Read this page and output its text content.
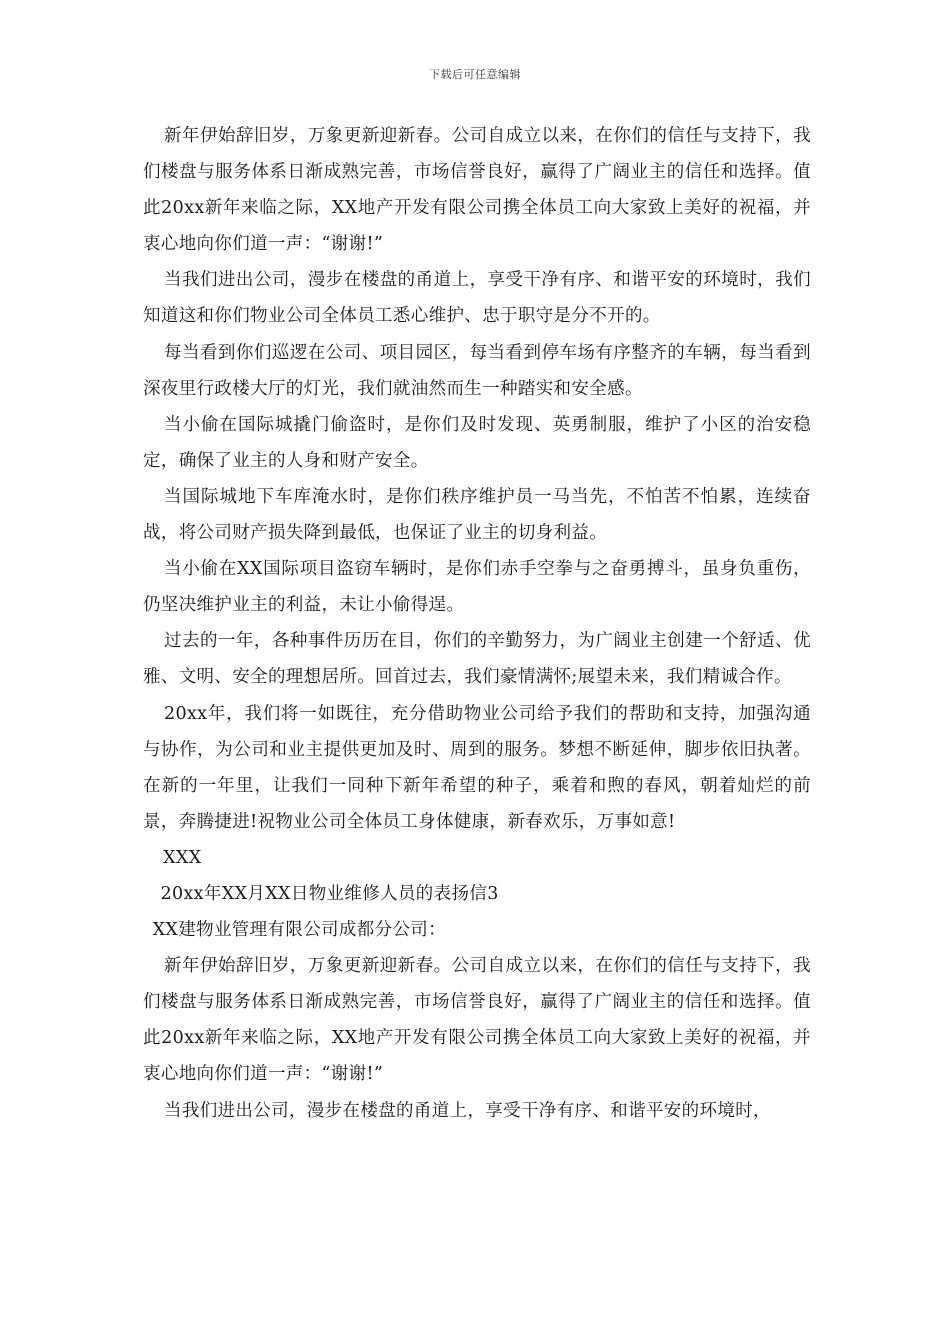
下载后可任意编辑

新年伊始辞旧岁，万象更新迎新春。公司自成立以来，在你们的信任与支持下，我们楼盘与服务体系日渐成熟完善，市场信誉良好，赢得了广阔业主的信任和选择。值此20xx新年来临之际，XX地产开发有限公司携全体员工向大家致上美好的祝福，并衷心地向你们道一声：“谢谢!”

当我们进出公司，漫步在楼盘的甬道上，享受干净有序、和谐平安的环境时，我们知道这和你们物业公司全体员工悉心维护、忠于职守是分不开的。

每当看到你们巡逻在公司、项目园区，每当看到停车场有序整齐的车辆，每当看到深夜里行政楼大厅的灯光，我们就油然而生一种踏实和安全感。

当小偷在国际城撬门偷盗时，是你们及时发现、英勇制服，维护了小区的治安稳定，确保了业主的人身和财产安全。

当国际城地下车库淹水时，是你们秩序维护员一马当先，不怕苦不怕累，连续奋战，将公司财产损失降到最低，也保证了业主的切身利益。

当小偷在XX国际项目盗窃车辆时，是你们赤手空拳与之奋勇搏斗，虽身负重伤，仍坚决维护业主的利益，未让小偷得逞。

过去的一年，各种事件历历在目，你们的辛勤努力，为广阔业主创建一个舒适、优雅、文明、安全的理想居所。回首过去，我们豪情满怀;展望未来，我们精诚合作。

20xx年，我们将一如既往，充分借助物业公司给予我们的帮助和支持，加强沟通与协作，为公司和业主提供更加及时、周到的服务。梦想不断延伸，脚步依旧执著。在新的一年里，让我们一同种下新年希望的种子，乘着和煦的春风，朝着灿烂的前景，奔腾捷进!祝物业公司全体员工身体健康，新春欢乐，万事如意!

XXX

20xx年XX月XX日物业维修人员的表扬信3

XX建物业管理有限公司成都分公司：

新年伊始辞旧岁，万象更新迎新春。公司自成立以来，在你们的信任与支持下，我们楼盘与服务体系日渐成熟完善，市场信誉良好，赢得了广阔业主的信任和选择。值此20xx新年来临之际，XX地产开发有限公司携全体员工向大家致上美好的祝福，并衷心地向你们道一声：“谢谢!”

当我们进出公司，漫步在楼盘的甬道上，享受干净有序、和谐平安的环境时，
